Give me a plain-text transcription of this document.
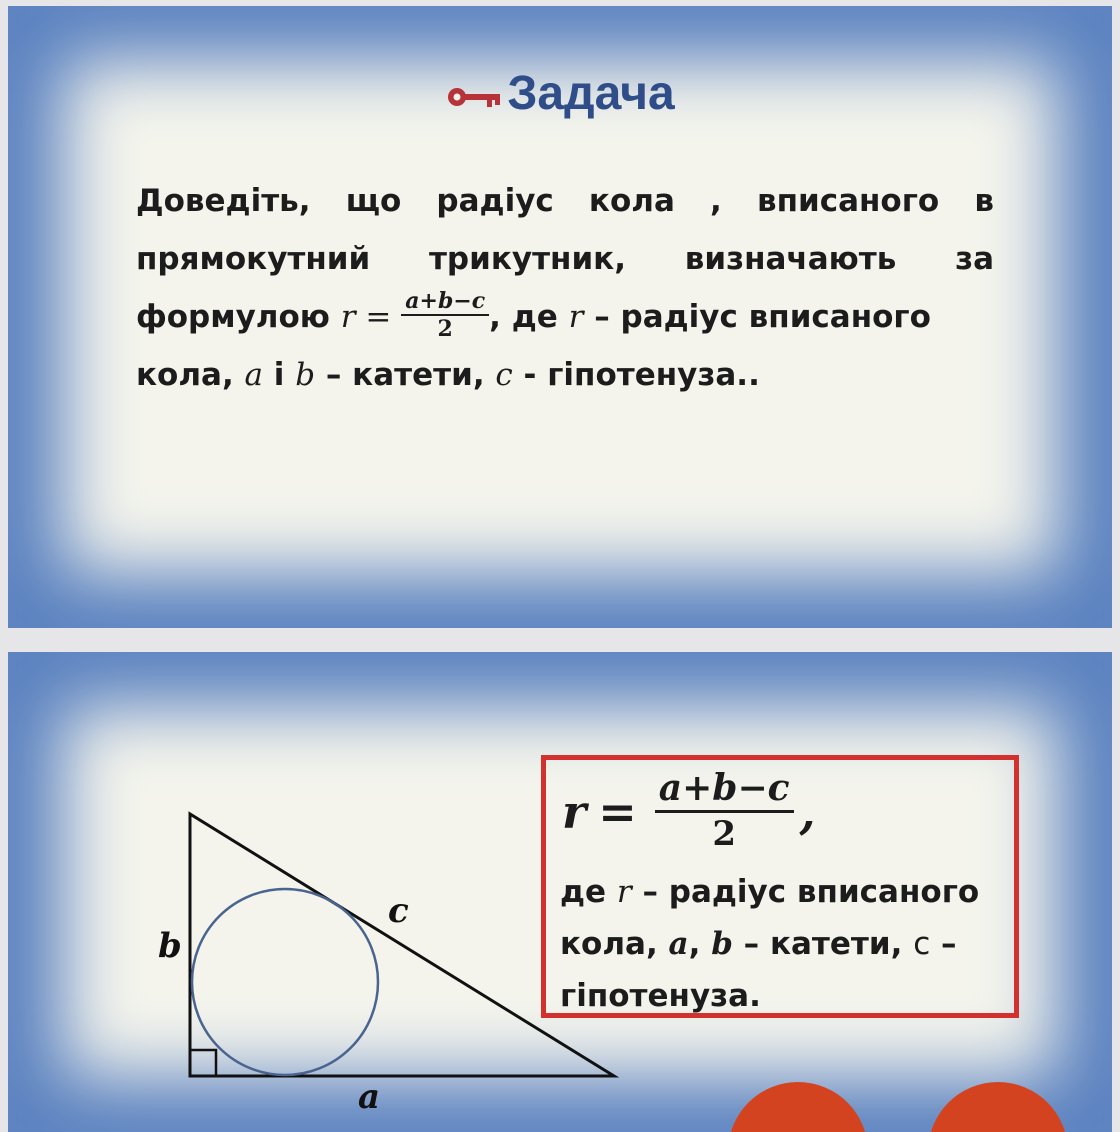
Задача
Доведіть, що радіус кола , вписаного в
прямокутний трикутник, визначають за
формулою $r = \frac{a+b-c}{2}$ , де r – радіус вписаного
кола, a і b – катети, c - гіпотенуза..
b
c
a
$r = \frac{a+b-c}{2}$ ,
де r – радіус вписаного
кола, a, b – катети, с –
гіпотенуза.
